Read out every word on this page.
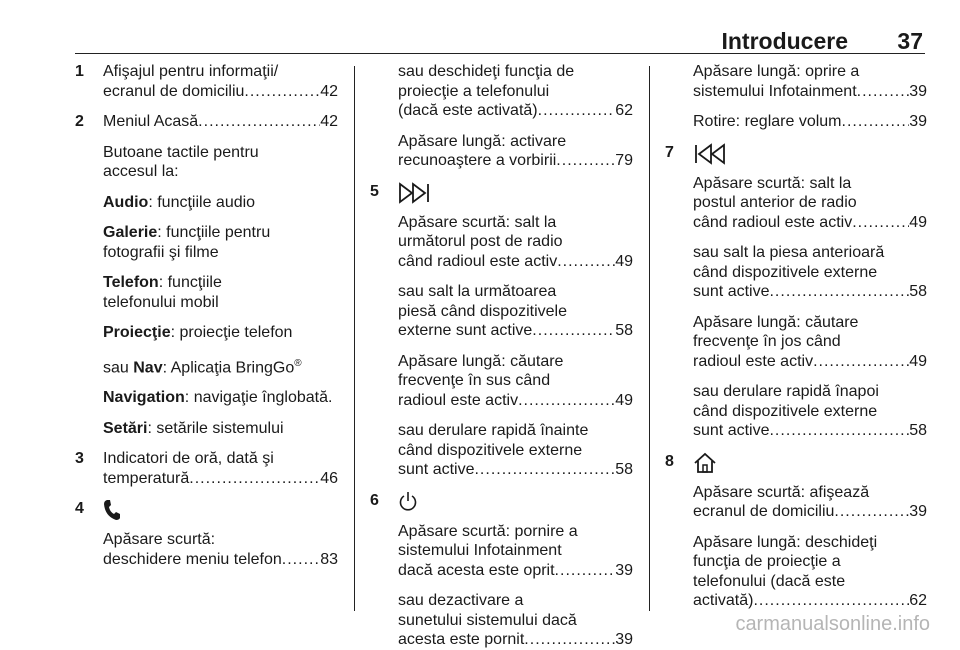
Introducere 37
1 Afişajul pentru informaţii/
ecranul de domiciliu .....	42
2 Meniul Acasă .....	42
Butoane tactile pentru
accesul la:
Audio: funcţiile audio
Galerie: funcţiile pentru
fotografii şi filme
Telefon: funcţiile
telefonului mobil
Proiecţie: proiecţie telefon
sau Nav: Aplicaţia BringGo®
Navigation: navigaţie înglobată.
Setări: setările sistemului
3 Indicatori de oră, dată şi
temperatură .....	46
4
Apăsare scurtă:
deschidere meniu telefon ..... 83
sau deschideţi funcţia de
proiecţie a telefonului
(dacă este activată) .....	62
Apăsare lungă: activare
recunoaştere a vorbirii .....	79
5
Apăsare scurtă: salt la
următorul post de radio
când radioul este activ .....	49
sau salt la următoarea
piesă când dispozitivele
externe sunt active .....	58
Apăsare lungă: căutare
frecvenţe în sus când
radioul este activ .....	49
sau derulare rapidă înainte
când dispozitivele externe
sunt active .....	58
6
Apăsare scurtă: pornire a
sistemului Infotainment
dacă acesta este oprit .....	39
sau dezactivare a
sunetului sistemului dacă
acesta este pornit .....	39
Apăsare lungă: oprire a
sistemului Infotainment .....	39
Rotire: reglare volum .....	39
7
Apăsare scurtă: salt la
postul anterior de radio
când radioul este activ .....	49
sau salt la piesa anterioară
când dispozitivele externe
sunt active .....	58
Apăsare lungă: căutare
frecvenţe în jos când
radioul este activ .....	49
sau derulare rapidă înapoi
când dispozitivele externe
sunt active .....	58
8
Apăsare scurtă: afişează
ecranul de domiciliu .....	39
Apăsare lungă: deschideţi
funcţia de proiecţie a
telefonului (dacă este
activată) .....	62
carmanualsonline.info
